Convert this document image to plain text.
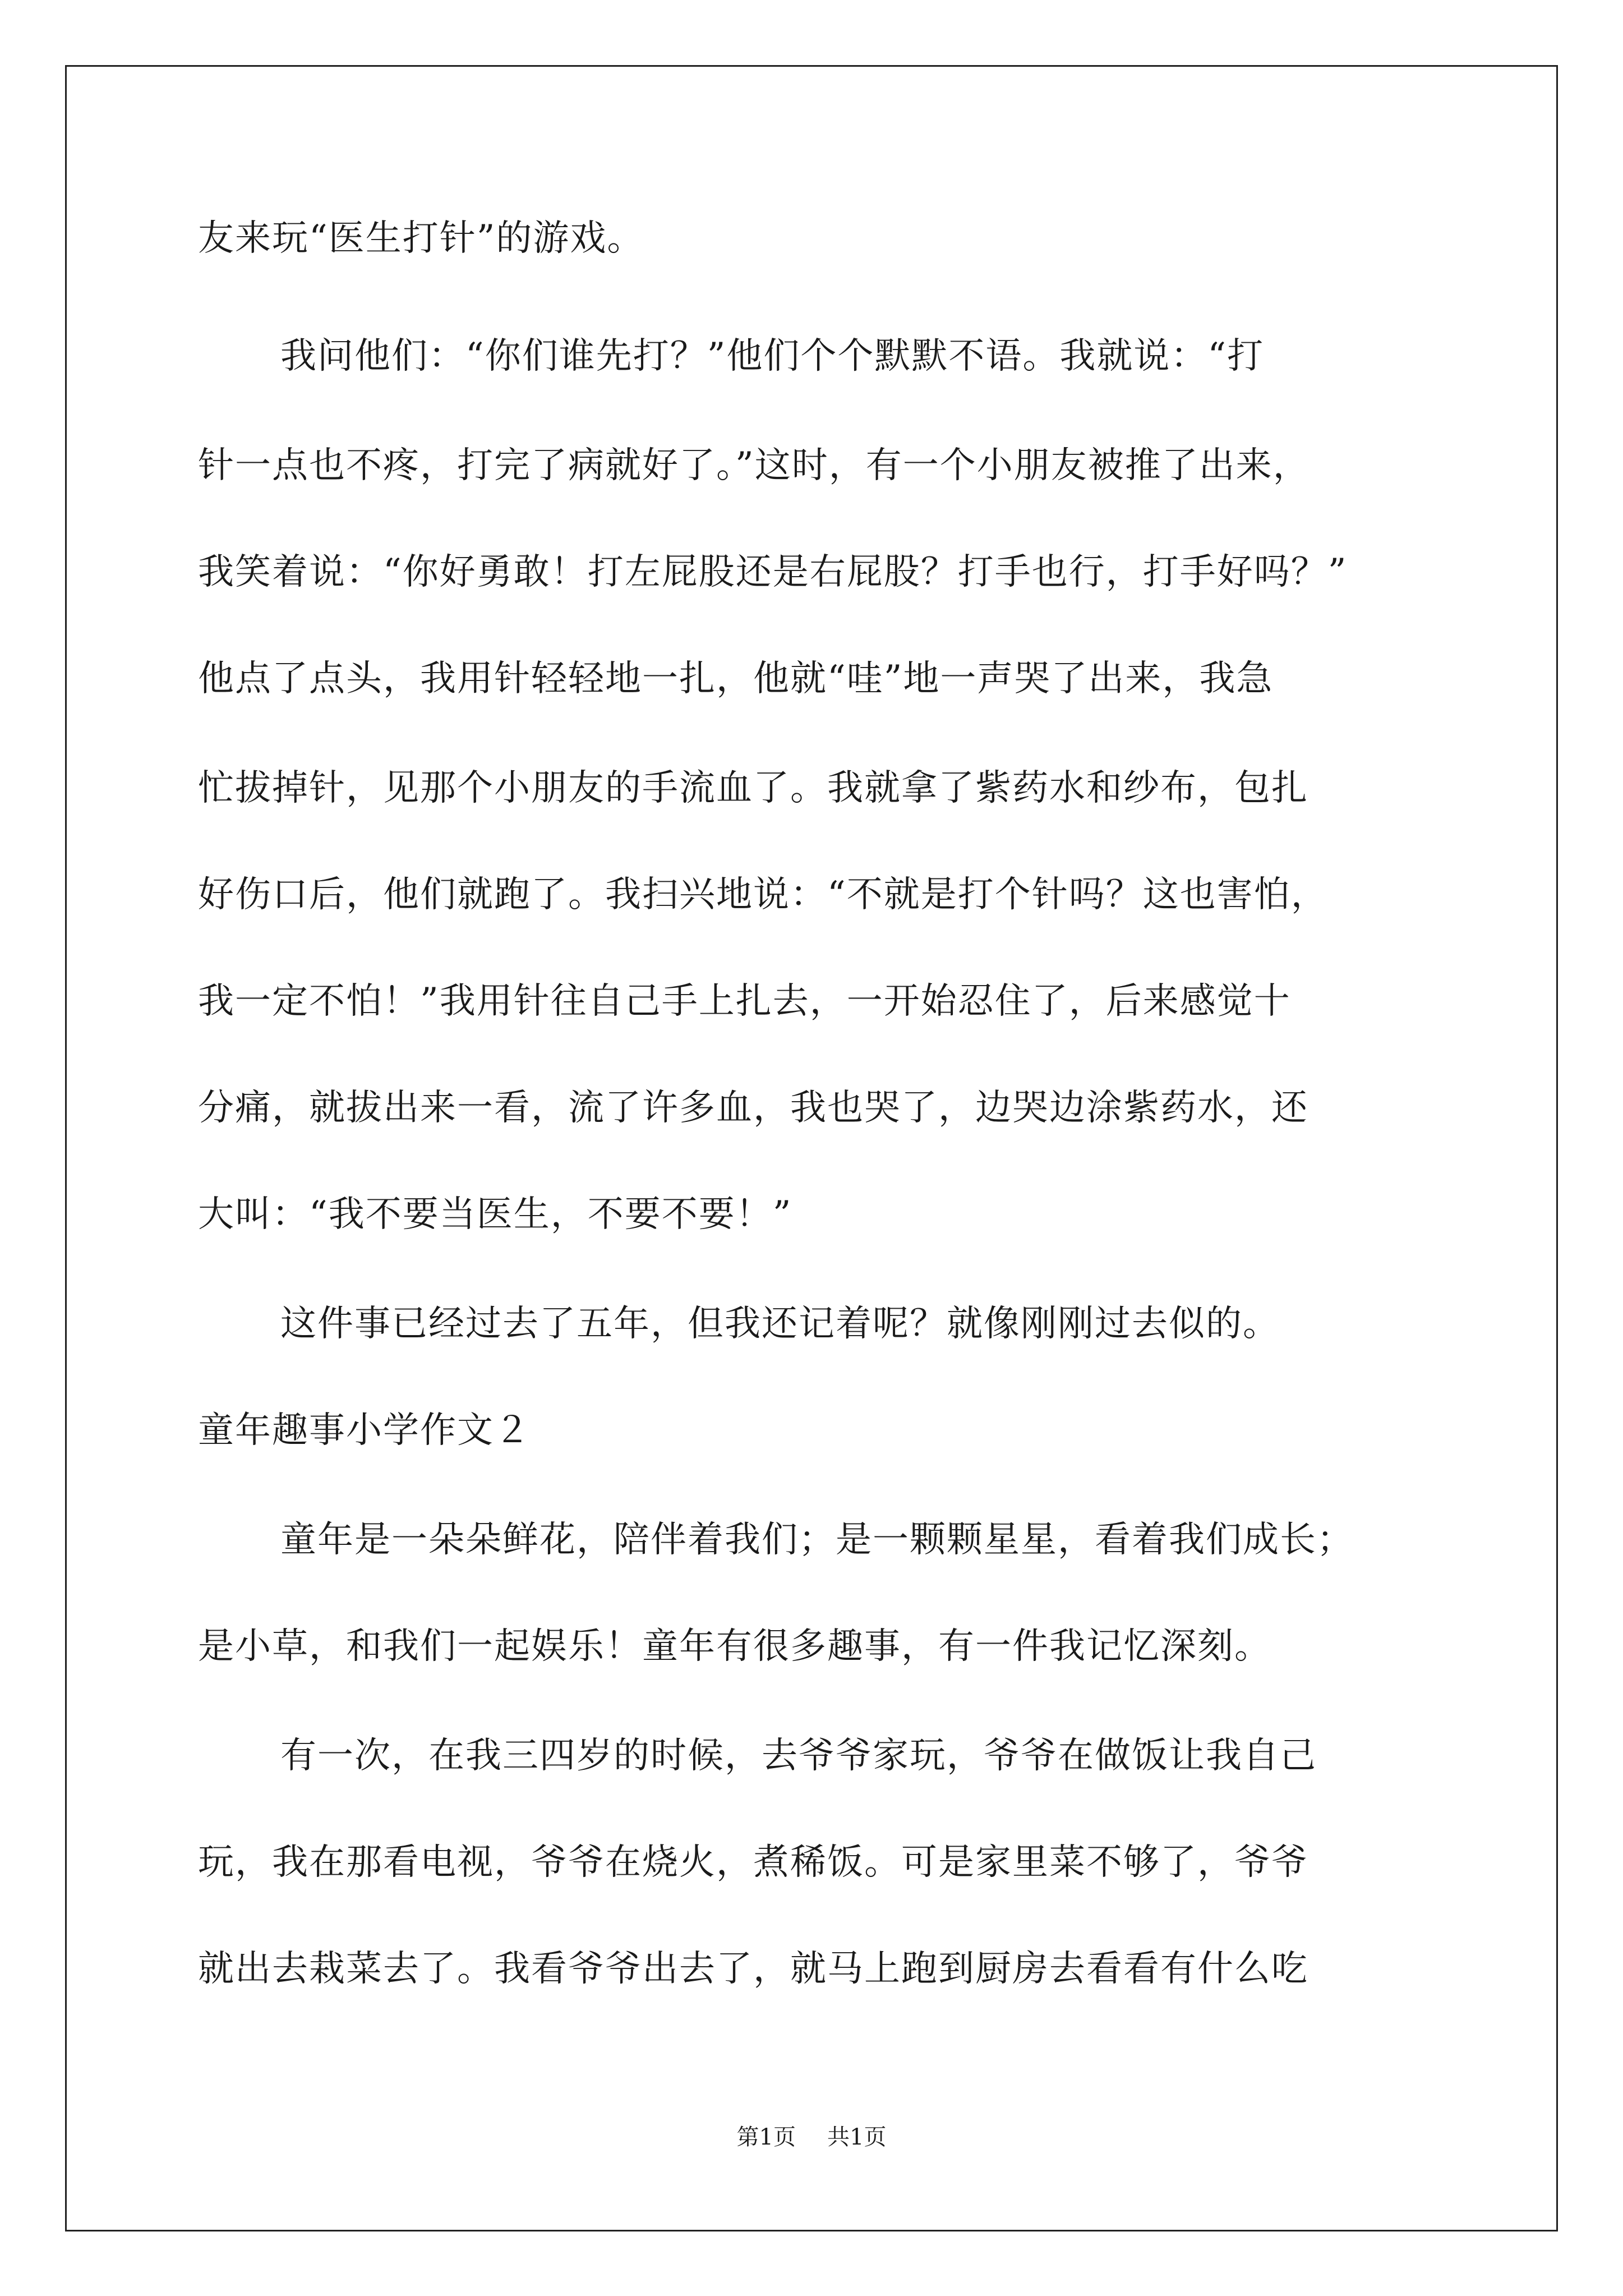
友来玩“医生打针”的游戏。
我问他们：“你们谁先打？”他们个个默默不语。我就说：“打
针一点也不疼，打完了病就好了。”这时，有一个小朋友被推了出来，
我笑着说：“你好勇敢！打左屁股还是右屁股？打手也行，打手好吗？”
他点了点头，我用针轻轻地一扎，他就“哇”地一声哭了出来，我急
忙拔掉针，见那个小朋友的手流血了。我就拿了紫药水和纱布，包扎
好伤口后，他们就跑了。我扫兴地说：“不就是打个针吗？这也害怕，
我一定不怕！”我用针往自己手上扎去，一开始忍住了，后来感觉十
分痛，就拔出来一看，流了许多血，我也哭了，边哭边涂紫药水，还
大叫：“我不要当医生，不要不要！”
这件事已经过去了五年，但我还记着呢？就像刚刚过去似的。
童年趣事小学作文２
童年是一朵朵鲜花，陪伴着我们；是一颗颗星星，看着我们成长；
是小草，和我们一起娱乐！童年有很多趣事，有一件我记忆深刻。
有一次，在我三四岁的时候，去爷爷家玩，爷爷在做饭让我自己
玩，我在那看电视，爷爷在烧火，煮稀饭。可是家里菜不够了，爷爷
就出去栽菜去了。我看爷爷出去了，就马上跑到厨房去看看有什么吃
第1页 共1页
